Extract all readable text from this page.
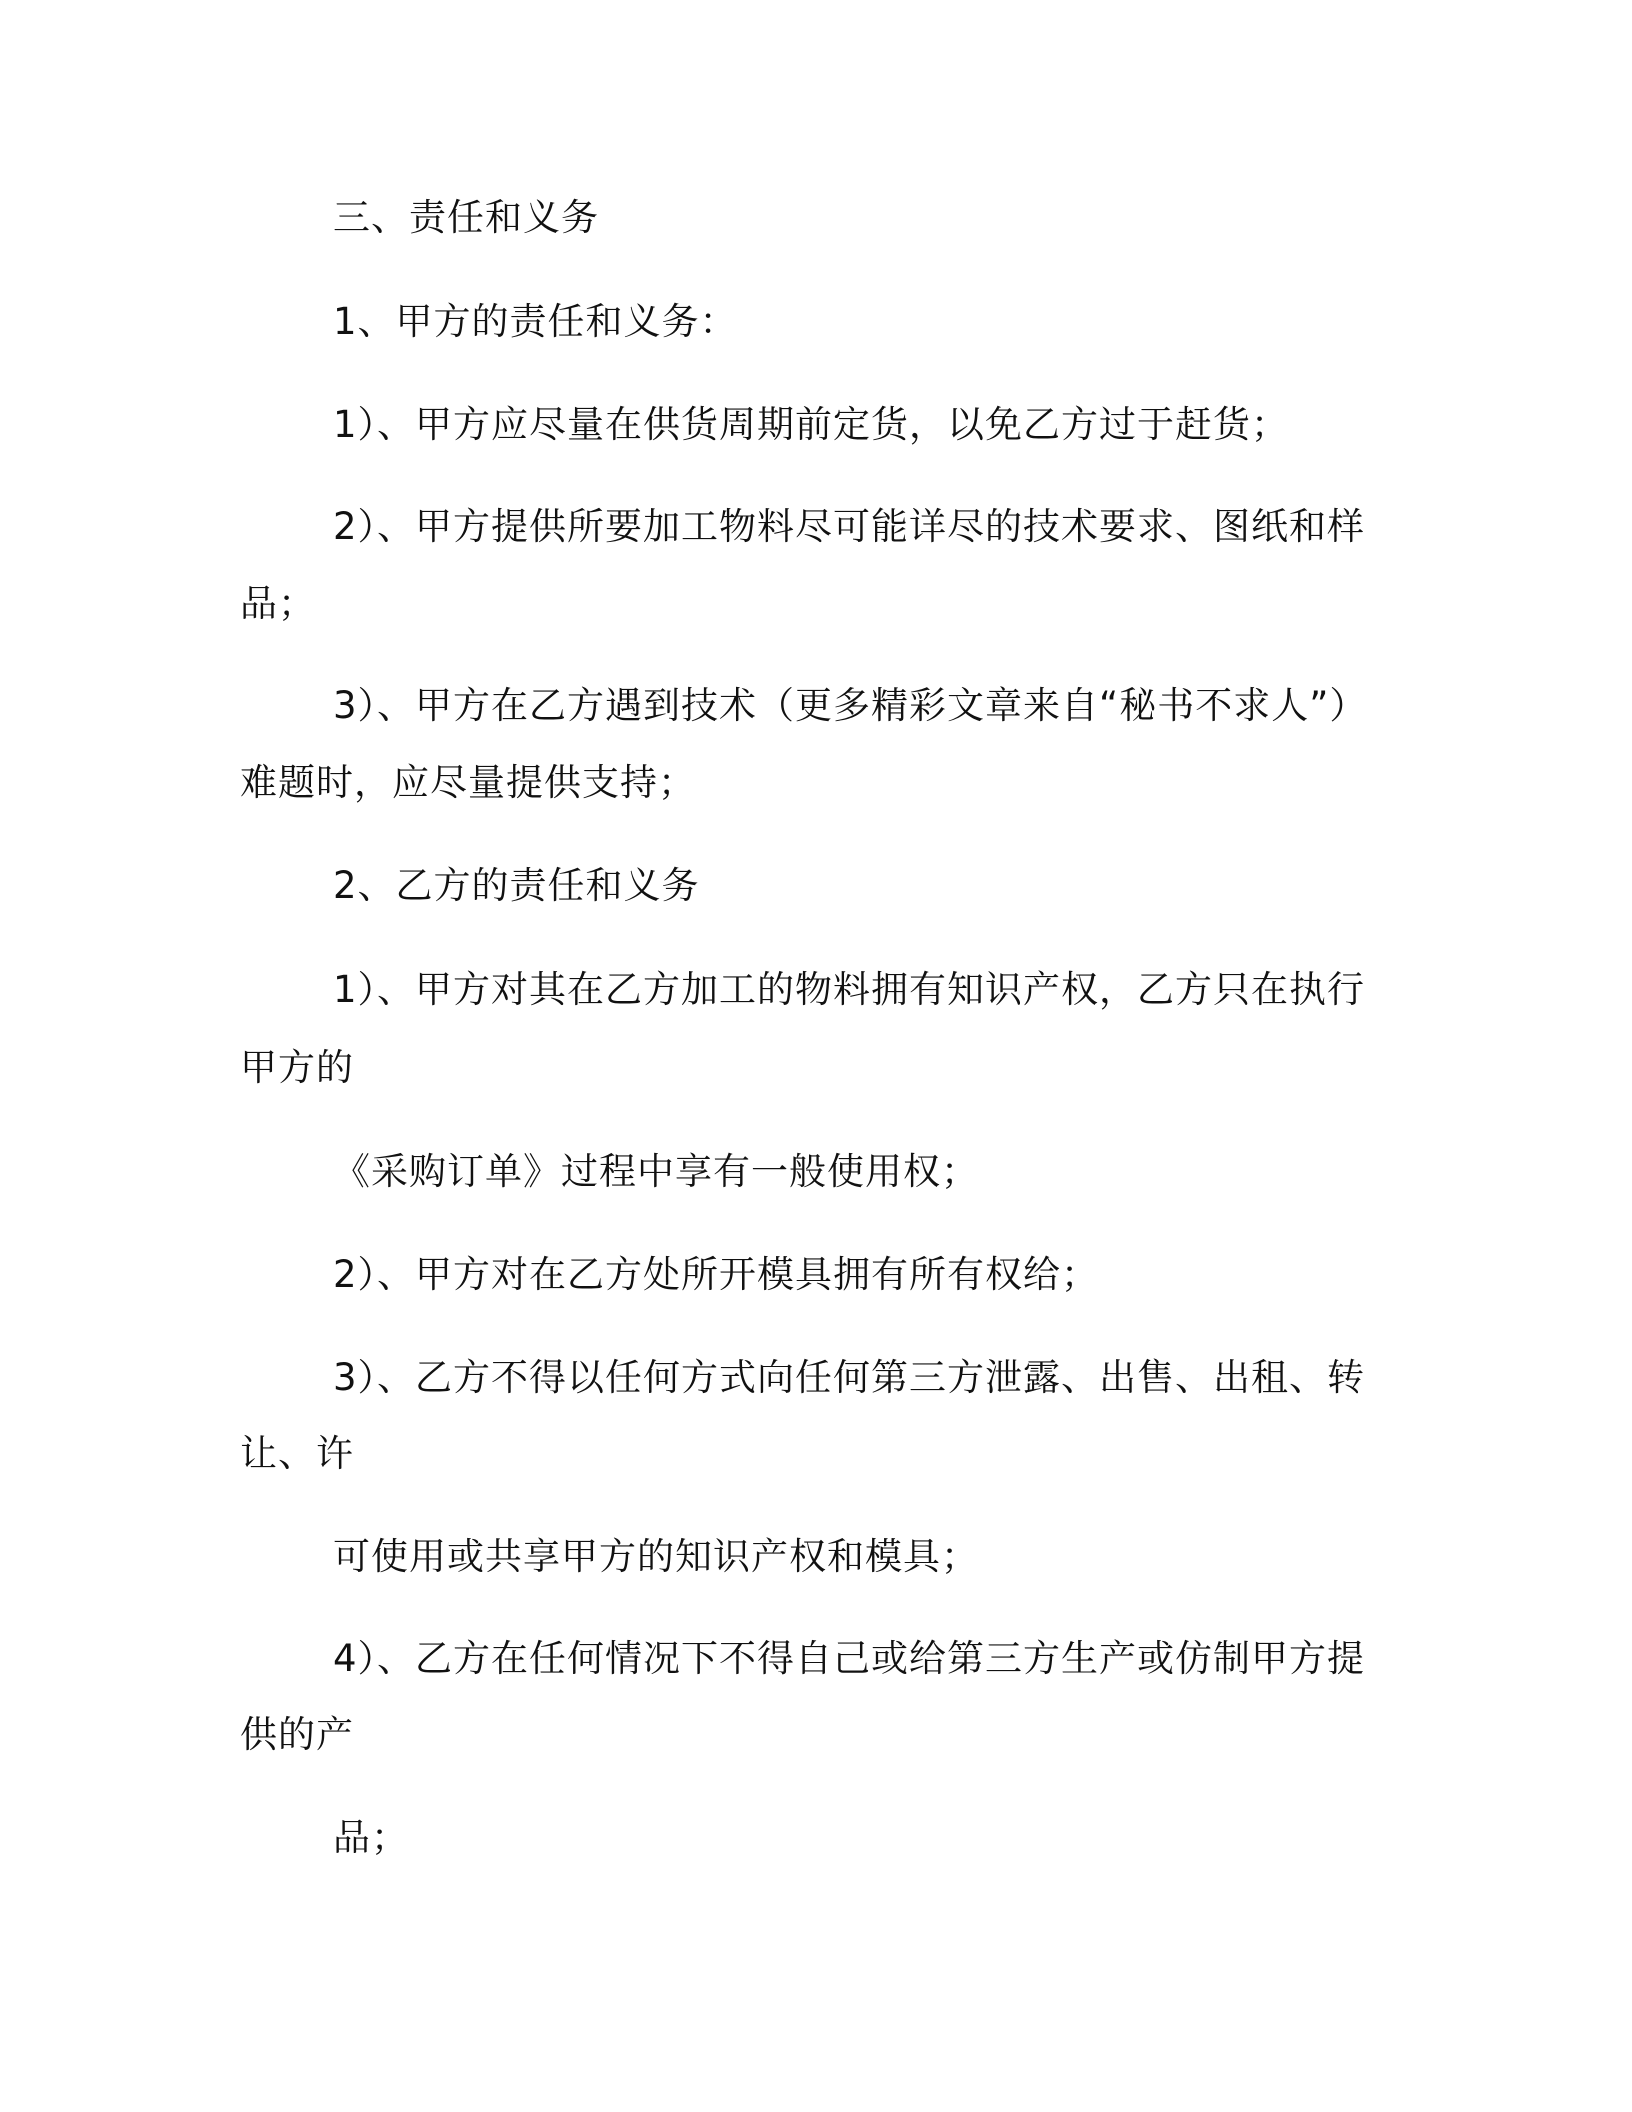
三、责任和义务
1、甲方的责任和义务：
1）、甲方应尽量在供货周期前定货，以免乙方过于赶货；
2）、甲方提供所要加工物料尽可能详尽的技术要求、图纸和样
品；
3）、甲方在乙方遇到技术（更多精彩文章来自“秘书不求人”）
难题时，应尽量提供支持；
2、乙方的责任和义务
1）、甲方对其在乙方加工的物料拥有知识产权，乙方只在执行
甲方的
《采购订单》过程中享有一般使用权；
2）、甲方对在乙方处所开模具拥有所有权给；
3）、乙方不得以任何方式向任何第三方泄露、出售、出租、转
让、许
可使用或共享甲方的知识产权和模具；
4）、乙方在任何情况下不得自己或给第三方生产或仿制甲方提
供的产
品；
